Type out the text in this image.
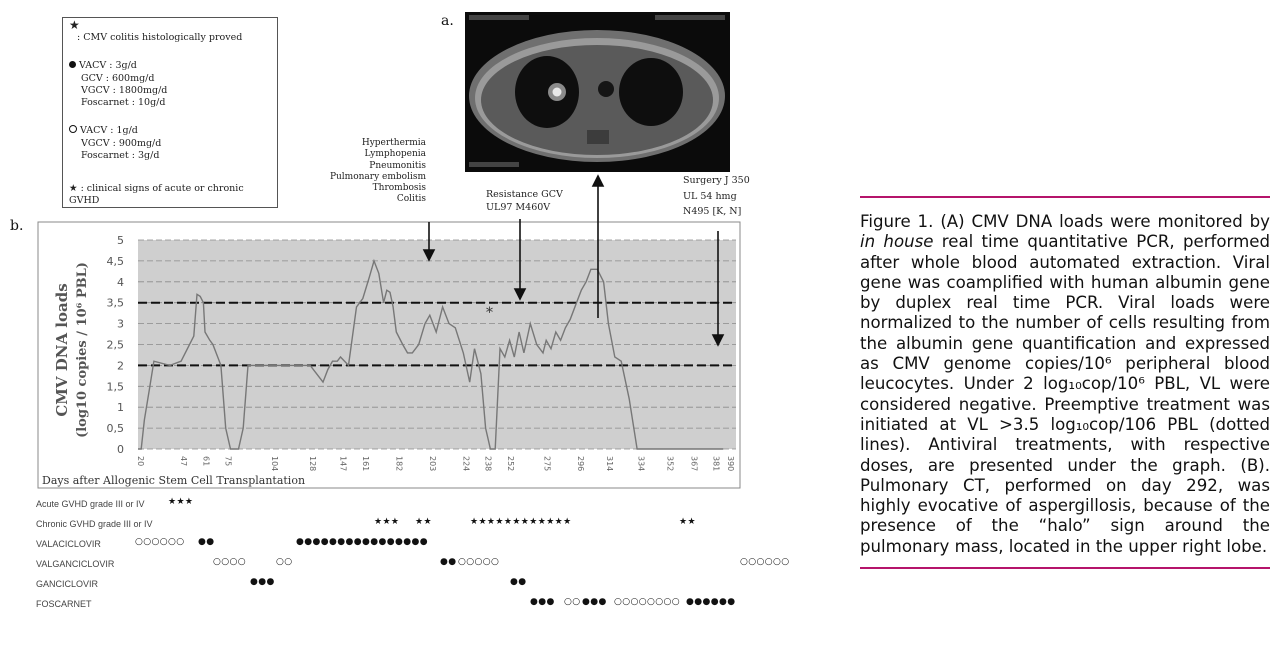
★
: CMV colitis histologically proved
VACV : 3g/d
GCV : 600mg/d
VGCV : 1800mg/d
Foscarnet : 10g/d
VACV : 1g/d
VGCV : 900mg/d
Foscarnet : 3g/d
★ : clinical signs of acute or chronic GVHD
a.
b.
Hyperthermia
Lymphopenia
Pneumonitis
Pulmonary embolism
Thrombosis
Colitis	Resistance GCV
UL97 M460V
Surgery J 350
UL 54 hmg
N495 [K, N]
5
4,5
4
3,5
3
2,5
2
1,5
1
0,5
0
20	47 61 75	104	128	147 161	182	203	224 238 252	275	296 314	334 352 367 381 390
CMV DNA loads (log10 copies / 10⁶ PBL)
Days after Allogenic Stem Cell Transplantation
*
Acute GVHD grade III or IV	★★★
Chronic GVHD grade III or IV	★★★ ★★	★★★★★★★★★★★★	★★
VALACICLOVIR	○○○○○○ ●●	●●●●●●●●●●●●●●●●
VALGANCICLOVIR	○○○○	○○	●● ○○○○○	○○○○○○
GANCICLOVIR	●●●	●●
FOSCARNET	●●● ○○ ●●● ○○○○○○○○ ●●●●●●

Figure 1. (A) CMV DNA loads were monitored by in house real time quantitative PCR, performed after whole blood automated extraction. Viral gene was coamplified with human albumin gene by duplex real time PCR. Viral loads were normalized to the number of cells resulting from the albumin gene quantification and expressed as CMV genome copies/10⁶ peripheral blood leucocytes. Under 2 log₁₀cop/10⁶ PBL, VL were considered negative. Preemptive treatment was initiated at VL >3.5 log₁₀cop/106 PBL (dotted lines). Antiviral treatments, with respective doses, are presented under the graph. (B). Pulmonary CT, performed on day 292, was highly evocative of aspergillosis, because of the presence of the “halo” sign around the pulmonary mass, located in the upper right lobe.
